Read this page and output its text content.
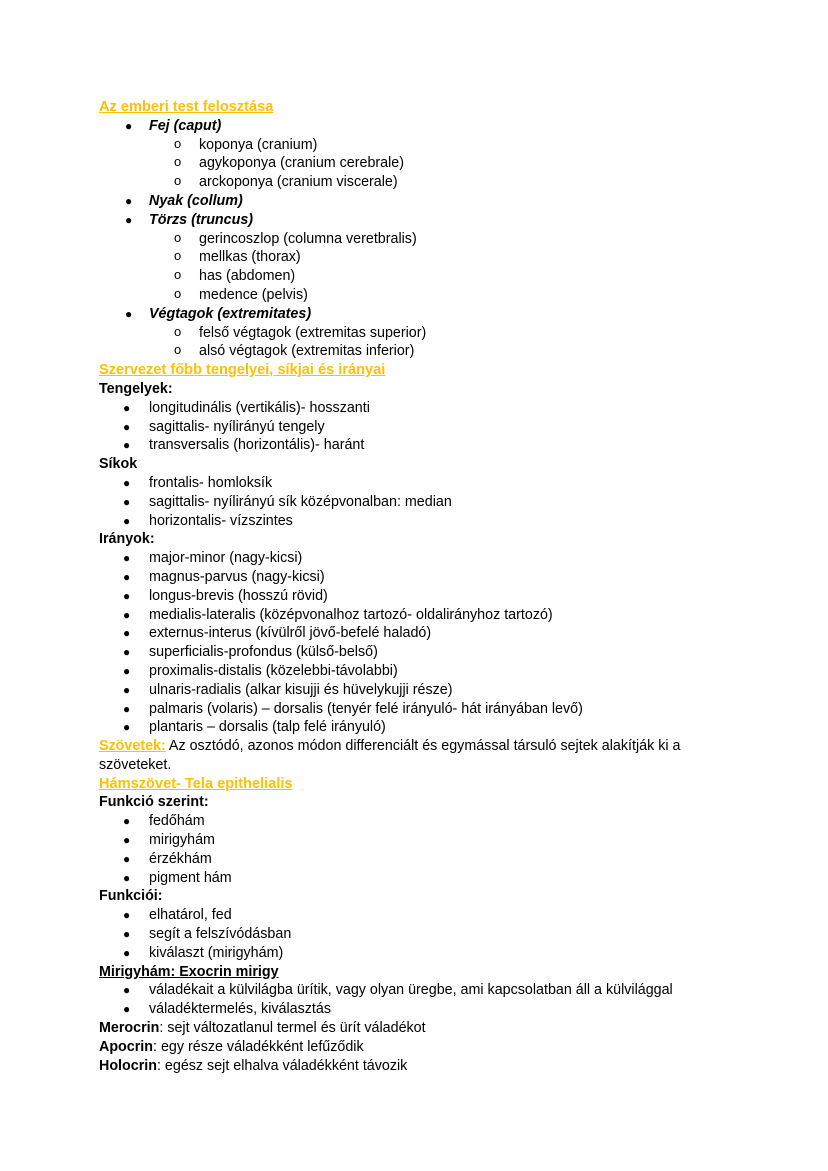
Az emberi test felosztása
● Fej (caput)
o koponya (cranium)
o agykoponya (cranium cerebrale)
o arckoponya (cranium viscerale)
● Nyak (collum)
● Törzs (truncus)
o gerincoszlop (columna veretbralis)
o mellkas (thorax)
o has (abdomen)
o medence (pelvis)
● Végtagok (extremitates)
o felső végtagok (extremitas superior)
o alsó végtagok (extremitas inferior)
Szervezet főbb tengelyei, síkjai és irányai
Tengelyek:
● longitudinális (vertikális)- hosszanti
● sagittalis- nyílirányú tengely
● transversalis (horizontális)- haránt
Síkok
● frontalis- homloksík
● sagittalis- nyílirányú sík középvonalban: median
● horizontalis- vízszintes
Irányok:
● major-minor (nagy-kicsi)
● magnus-parvus (nagy-kicsi)
● longus-brevis (hosszú rövid)
● medialis-lateralis (középvonalhoz tartozó- oldalirányhoz tartozó)
● externus-interus (kívülről jövő-befelé haladó)
● superficialis-profondus (külső-belső)
● proximalis-distalis (közelebbi-távolabbi)
● ulnaris-radialis (alkar kisujji és hüvelykujji része)
● palmaris (volaris) – dorsalis (tenyér felé irányuló- hát irányában levő)
● plantaris – dorsalis (talp felé irányuló)
Szövetek: Az osztódó, azonos módon differenciált és egymással társuló sejtek alakítják ki a
szöveteket.
Hámszövet- Tela epithelialis
Funkció szerint:
● fedőhám
● mirigyhám
● érzékhám
● pigment hám
Funkciói:
● elhatárol, fed
● segít a felszívódásban
● kiválaszt (mirigyhám)
Mirigyhám: Exocrin mirigy
● váladékait a külvilágba ürítik, vagy olyan üregbe, ami kapcsolatban áll a külvilággal
● váladéktermelés, kiválasztás
Merocrin: sejt változatlanul termel és ürít váladékot
Apocrin: egy része váladékként lefűződik
Holocrin: egész sejt elhalva váladékként távozik
